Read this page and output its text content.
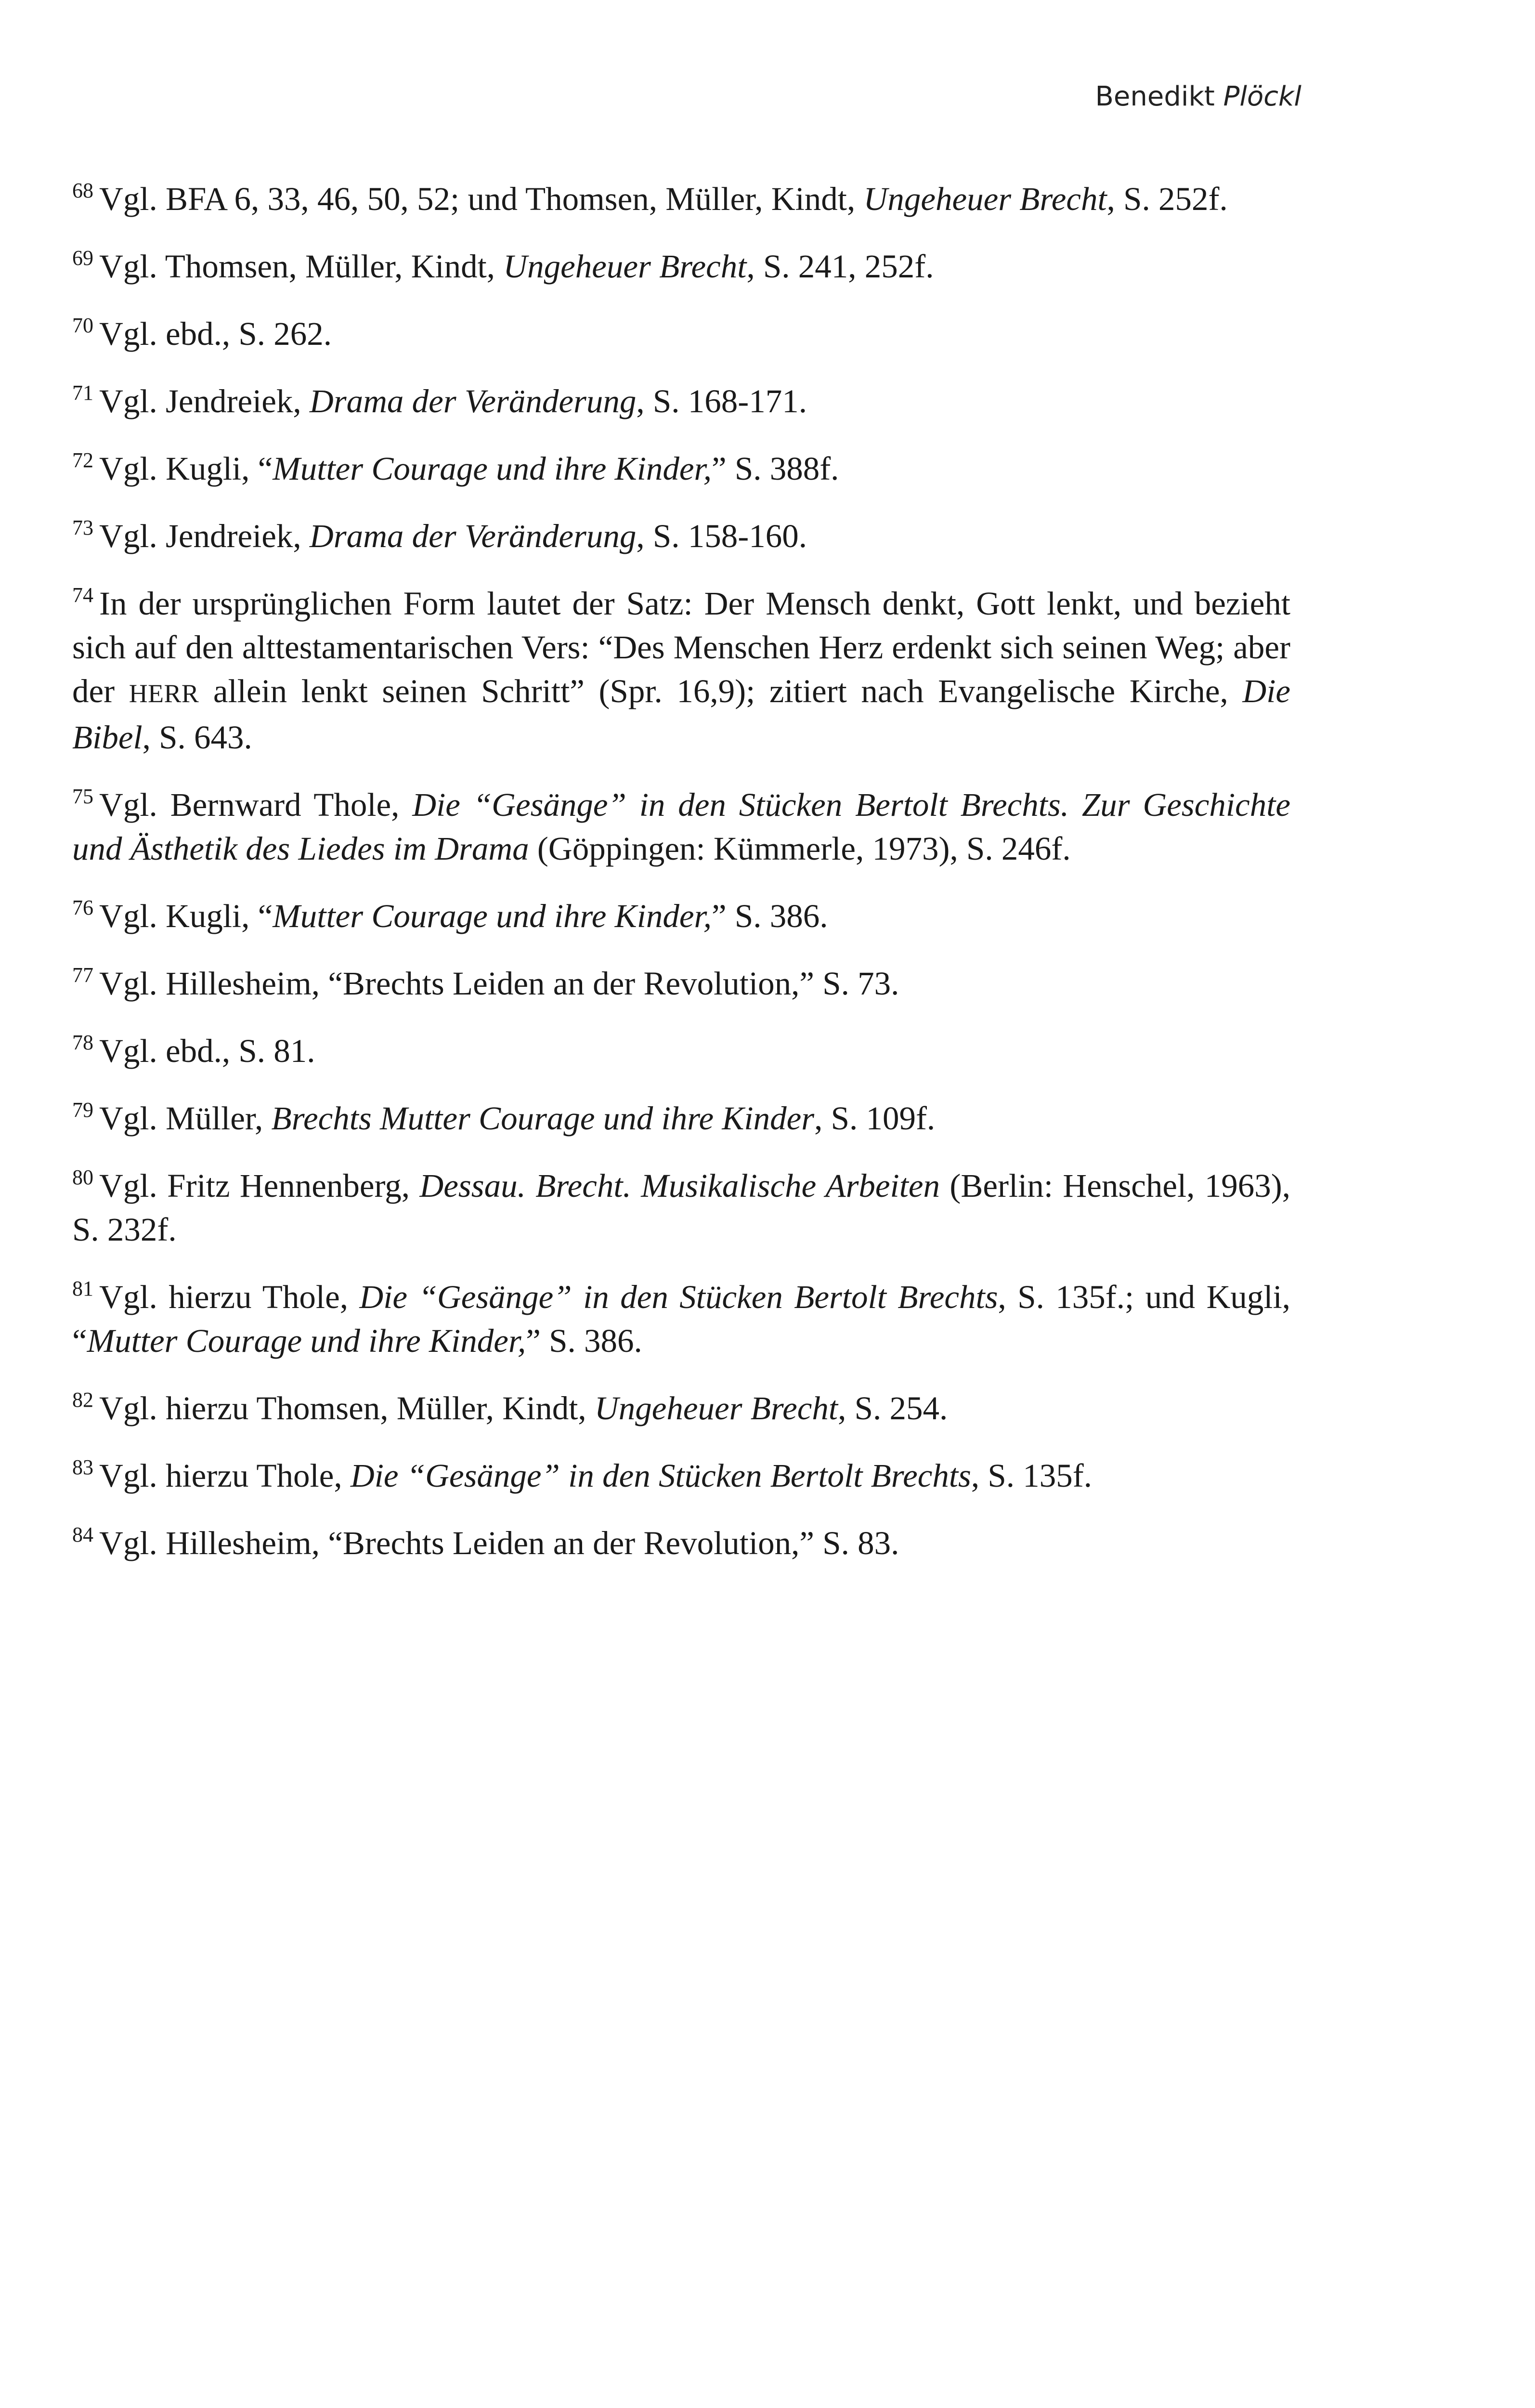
Benedikt Plöckl

$^{68}$ Vgl. BFA 6, 33, 46, 50, 52; und Thomsen, Müller, Kindt, Ungeheuer Brecht, S. 252f.

$^{69}$ Vgl. Thomsen, Müller, Kindt, Ungeheuer Brecht, S. 241, 252f.

$^{70}$ Vgl. ebd., S. 262.

$^{71}$ Vgl. Jendreiek, Drama der Veränderung, S. 168-171.

$^{72}$ Vgl. Kugli, “Mutter Courage und ihre Kinder,” S. 388f.

$^{73}$ Vgl. Jendreiek, Drama der Veränderung, S. 158-160.

$^{74}$ In der ursprünglichen Form lautet der Satz: Der Mensch denkt, Gott lenkt, und bezieht sich auf den alttestamentarischen Vers: “Des Menschen Herz erdenkt sich seinen Weg; aber der HERR allein lenkt seinen Schritt” (Spr. 16,9); zitiert nach Evangelische Kirche, Die Bibel, S. 643.

$^{75}$ Vgl. Bernward Thole, Die “Gesänge” in den Stücken Bertolt Brechts. Zur Geschichte und Ästhetik des Liedes im Drama (Göppingen: Kümmerle, 1973), S. 246f.

$^{76}$ Vgl. Kugli, “Mutter Courage und ihre Kinder,” S. 386.

$^{77}$ Vgl. Hillesheim, “Brechts Leiden an der Revolution,” S. 73.

$^{78}$ Vgl. ebd., S. 81.

$^{79}$ Vgl. Müller, Brechts Mutter Courage und ihre Kinder, S. 109f.

$^{80}$ Vgl. Fritz Hennenberg, Dessau. Brecht. Musikalische Arbeiten (Berlin: Henschel, 1963), S. 232f.

$^{81}$ Vgl. hierzu Thole, Die “Gesänge” in den Stücken Bertolt Brechts, S. 135f.; und Kugli, “Mutter Courage und ihre Kinder,” S. 386.

$^{82}$ Vgl. hierzu Thomsen, Müller, Kindt, Ungeheuer Brecht, S. 254.

$^{83}$ Vgl. hierzu Thole, Die “Gesänge” in den Stücken Bertolt Brechts, S. 135f.

$^{84}$ Vgl. Hillesheim, “Brechts Leiden an der Revolution,” S. 83.
